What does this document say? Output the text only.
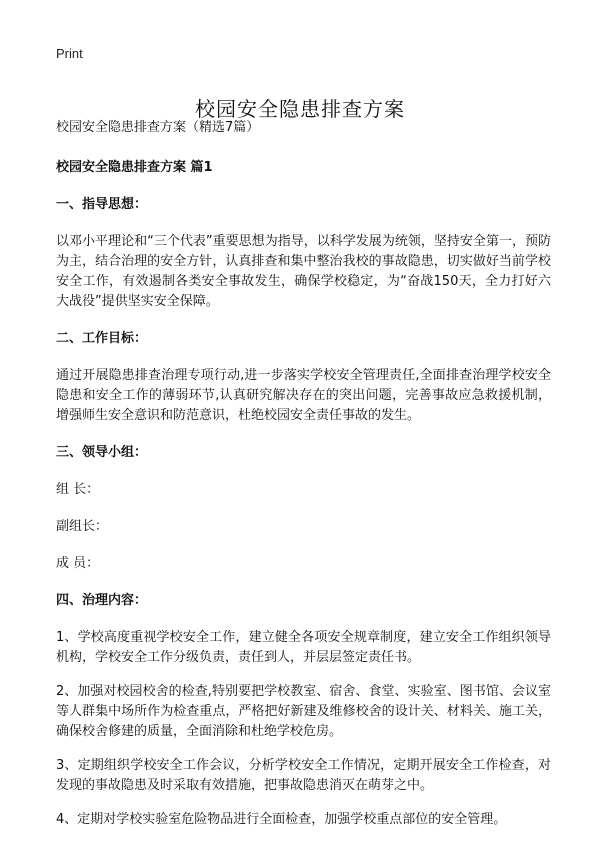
Print
校园安全隐患排查方案

校园安全隐患排查方案（精选7篇）

校园安全隐患排查方案 篇1

一、指导思想：

以邓小平理论和“三个代表”重要思想为指导，以科学发展为统领，坚持安全第一，预防为主，结合治理的安全方针，认真排查和集中整治我校的事故隐患，切实做好当前学校安全工作，有效遏制各类安全事故发生，确保学校稳定，为“奋战150天，全力打好六大战役”提供坚实安全保障。

二、工作目标：

通过开展隐患排查治理专项行动,进一步落实学校安全管理责任,全面排查治理学校安全隐患和安全工作的薄弱环节,认真研究解决存在的突出问题，完善事故应急救援机制，增强师生安全意识和防范意识，杜绝校园安全责任事故的发生。

三、领导小组：

组 长：

副组长：

成 员：

四、治理内容：

1、学校高度重视学校安全工作，建立健全各项安全规章制度，建立安全工作组织领导机构，学校安全工作分级负责，责任到人，并层层签定责任书。

2、加强对校园校舍的检查,特别要把学校教室、宿舍、食堂、实验室、图书馆、会议室等人群集中场所作为检查重点，严格把好新建及维修校舍的设计关、材料关、施工关，确保校舍修建的质量，全面消除和杜绝学校危房。

3、定期组织学校安全工作会议，分析学校安全工作情况，定期开展安全工作检查，对发现的事故隐患及时采取有效措施，把事故隐患消灭在萌芽之中。

4、定期对学校实验室危险物品进行全面检查，加强学校重点部位的安全管理。
